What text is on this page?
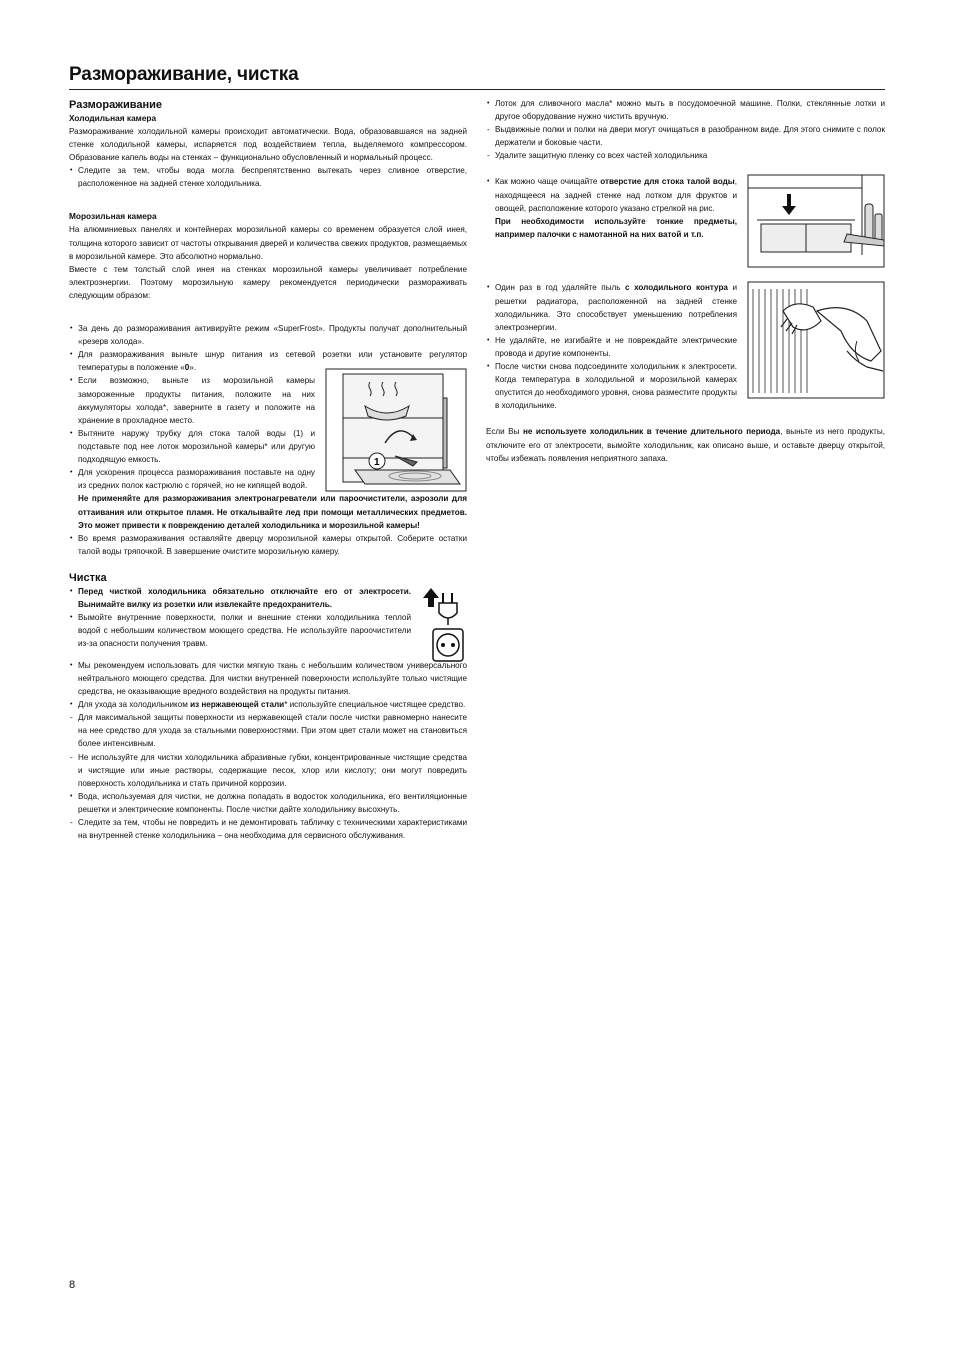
Размораживание, чистка
Размораживание
Холодильная камера

Размораживание холодильной камеры происходит автоматически. Вода, образовавшаяся на задней стенке холодильной камеры, испаряется под воздействием тепла, выделяемого компрессором. Образование капель воды на стенках – функционально обусловленный и нормальный процесс.

• Следите за тем, чтобы вода могла беспрепятственно вытекать через сливное отверстие, расположенное на задней стенке холодильника.
Морозильная камера

На алюминиевых панелях и контейнерах морозильной камеры со временем образуется слой инея, толщина которого зависит от частоты открывания дверей и количества свежих продуктов, размещаемых в морозильной камере. Это абсолютно нормально.

Вместе с тем толстый слой инея на стенках морозильной камеры увеличивает потребление электроэнергии. Поэтому морозильную камеру рекомендуется периодически размораживать следующим образом:

• За день до размораживания активируйте режим «SuperFrost». Продукты получат дополнительный «резерв холода».
• Для размораживания выньте шнур питания из сетевой розетки или установите регулятор температуры в положение «0».
• Если возможно, выньте из морозильной камеры замороженные продукты питания, положите на них аккумуляторы холода*, заверните в газету и положите на хранение в прохладное место.
• Вытяните наружу трубку для стока талой воды (1) и подставьте под нее лоток морозильной камеры* или другую подходящую емкость.
• Для ускорения процесса размораживания поставьте на одну из средних полок кастрюлю с горячей, но не кипящей водой.
1

Не применяйте для размораживания электронагреватели или пароочистители, аэрозоли для оттаивания или открытое пламя. Не откалывайте лед при помощи металлических предметов. Это может привести к повреждению деталей холодильника и морозильной камеры!

• Во время размораживания оставляйте дверцу морозильной камеры открытой. Соберите остатки талой воды тряпочкой. В завершение очистите морозильную камеру.
Чистка
• Перед чисткой холодильника обязательно отключайте его от электросети. Вынимайте вилку из розетки или извлекайте предохранитель.
• Вымойте внутренние поверхности, полки и внешние стенки холодильника теплой водой с небольшим количеством моющего средства. Не используйте пароочистители из-за опасности получения травм.
• Мы рекомендуем использовать для чистки мягкую ткань с небольшим количеством универсального нейтрального моющего средства. Для чистки внутренней поверхности используйте только чистящие средства, не оказывающие вредного воздействия на продукты питания.
• Для ухода за холодильником из нержавеющей стали* используйте специальное чистящее средство.
- Для максимальной защиты поверхности из нержавеющей стали после чистки равномерно нанесите на нее средство для ухода за стальными поверхностями. При этом цвет стали может на становиться более интенсивным.
- Не используйте для чистки холодильника абразивные губки, концентрированные чистящие средства и чистящие или иные растворы, содержащие песок, хлор или кислоту; они могут повредить поверхность холодильника и стать причиной коррозии.
• Вода, используемая для чистки, не должна попадать в водосток холодильника, его вентиляционные решетки и электрические компоненты. После чистки дайте холодильнику высохнуть.
- Следите за тем, чтобы не повредить и не демонтировать табличку с техническими характеристиками на внутренней стенке холодильника – она необходима для сервисного обслуживания.
• Лоток для сливочного масла* можно мыть в посудомоечной машине. Полки, стеклянные лотки и другое оборудование нужно чистить вручную.
- Выдвижные полки и полки на двери могут очищаться в разобранном виде. Для этого снимите с полок держатели и боковые части.
- Удалите защитную пленку со всех частей холодильника
• Как можно чаще очищайте отверстие для стока талой воды, находящееся на задней стенке над лотком для фруктов и овощей, расположение которого указано стрелкой на рис.

При необходимости используйте тонкие предметы, например палочки с намотанной на них ватой и т.п.

• Один раз в год удаляйте пыль с холодильного контура и решетки радиатора, расположенной на задней стенке холодильника. Это способствует уменьшению потребления электроэнергии.
• Не удаляйте, не изгибайте и не повреждайте электрические провода и другие компоненты.
• После чистки снова подсоедините холодильник к электросети. Когда температура в холодильной и морозильной камерах опустится до необходимого уровня, снова разместите продукты в холодильнике.

Если Вы не используете холодильник в течение длительного периода, выньте из него продукты, отключите его от электросети, вымойте холодильник, как описано выше, и оставьте дверцу открытой, чтобы избежать появления неприятного запаха.

8
